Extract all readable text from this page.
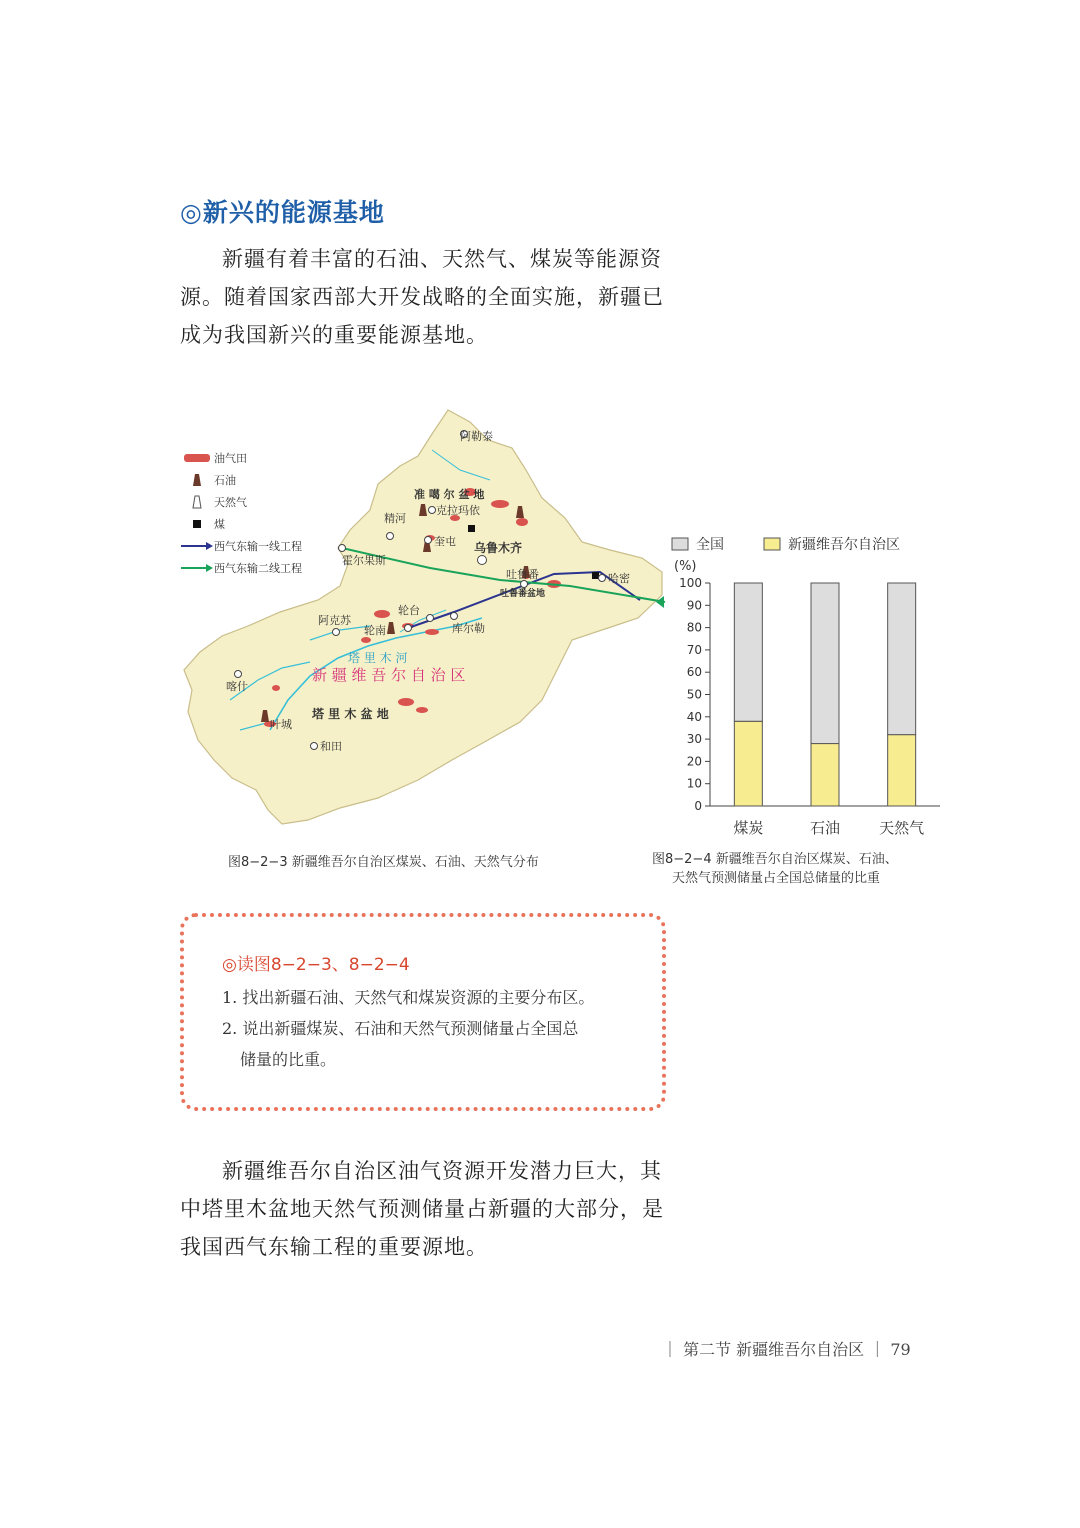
◎新兴的能源基地

新疆有着丰富的石油、天然气、煤炭等能源资

源。随着国家西部大开发战略的全面实施，新疆已

成为我国新兴的重要能源基地。

阿勒泰
准 噶 尔 盆 地
克拉玛依
精河
奎屯
霍尔果斯
乌鲁木齐
吐鲁番
吐鲁番盆地
哈密
阿克苏
轮台
轮南	库尔勒
塔 里 木 河
新 疆 维 吾 尔 自 治 区
喀什
塔 里 木 盆 地
叶城
和田
油气田
石油
天然气
煤
西气东输一线工程
西气东输二线工程
图8−2−3 新疆维吾尔自治区煤炭、石油、天然气分布
全国	新疆维吾尔自治区
(%)
0
10
20
30
40
50
60
70
80
90
100
煤炭	石油	天然气
图8−2−4 新疆维吾尔自治区煤炭、石油、
天然气预测储量占全国总储量的比重
◎读图8−2−3、8−2−4
1. 找出新疆石油、天然气和煤炭资源的主要分布区。
2. 说出新疆煤炭、石油和天然气预测储量占全国总
储量的比重。

新疆维吾尔自治区油气资源开发潜力巨大，其

中塔里木盆地天然气预测储量占新疆的大部分，是

我国西气东输工程的重要源地。

｜ 第二节 新疆维吾尔自治区 ｜ 79
